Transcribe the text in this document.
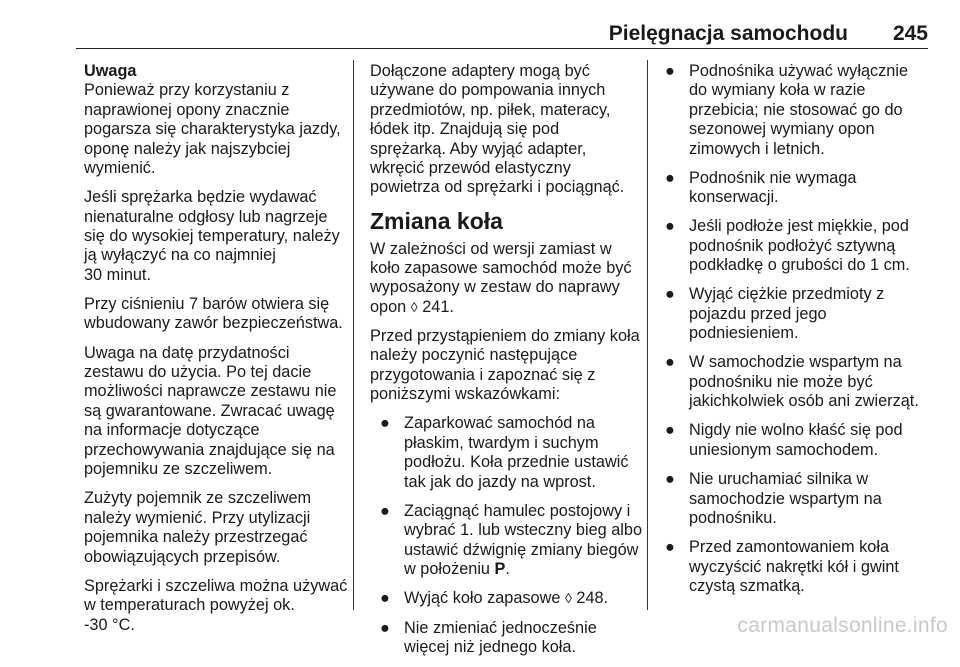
Pielęgnacja samochodu 245

Uwaga
Ponieważ przy korzystaniu z
naprawionej opony znacznie
pogarsza się charakterystyka jazdy,
oponę należy jak najszybciej
wymienić.

Jeśli sprężarka będzie wydawać
nienaturalne odgłosy lub nagrzeje
się do wysokiej temperatury, należy
ją wyłączyć na co najmniej
30 minut.

Przy ciśnieniu 7 barów otwiera się
wbudowany zawór bezpieczeństwa.

Uwaga na datę przydatności
zestawu do użycia. Po tej dacie
możliwości naprawcze zestawu nie
są gwarantowane. Zwracać uwagę
na informacje dotyczące
przechowywania znajdujące się na
pojemniku ze szczeliwem.

Zużyty pojemnik ze szczeliwem
należy wymienić. Przy utylizacji
pojemnika należy przestrzegać
obowiązujących przepisów.

Sprężarki i szczeliwa można używać
w temperaturach powyżej ok.
-30 °C.

Dołączone adaptery mogą być
używane do pompowania innych
przedmiotów, np. piłek, materacy,
łódek itp. Znajdują się pod
sprężarką. Aby wyjąć adapter,
wkręcić przewód elastyczny
powietrza od sprężarki i pociągnąć.

Zmiana koła

W zależności od wersji zamiast w
koło zapasowe samochód może być
wyposażony w zestaw do naprawy
opon ◊ 241.

Przed przystąpieniem do zmiany koła
należy poczynić następujące
przygotowania i zapoznać się z
poniższymi wskazówkami:

● Zaparkować samochód na
płaskim, twardym i suchym
podłożu. Koła przednie ustawić
tak jak do jazdy na wprost.
● Zaciągnąć hamulec postojowy i
wybrać 1. lub wsteczny bieg albo
ustawić dźwignię zmiany biegów
w położeniu P.
● Wyjąć koło zapasowe ◊ 248.
● Nie zmieniać jednocześnie
więcej niż jednego koła.
● Podnośnika używać wyłącznie
do wymiany koła w razie
przebicia; nie stosować go do
sezonowej wymiany opon
zimowych i letnich.
● Podnośnik nie wymaga
konserwacji.
● Jeśli podłoże jest miękkie, pod
podnośnik podłożyć sztywną
podkładkę o grubości do 1 cm.
● Wyjąć ciężkie przedmioty z
pojazdu przed jego
podniesieniem.
● W samochodzie wspartym na
podnośniku nie może być
jakichkolwiek osób ani zwierząt.
● Nigdy nie wolno kłaść się pod
uniesionym samochodem.
● Nie uruchamiać silnika w
samochodzie wspartym na
podnośniku.
● Przed zamontowaniem koła
wyczyścić nakrętki kół i gwint
czystą szmatką.
carmanualsonline.info
